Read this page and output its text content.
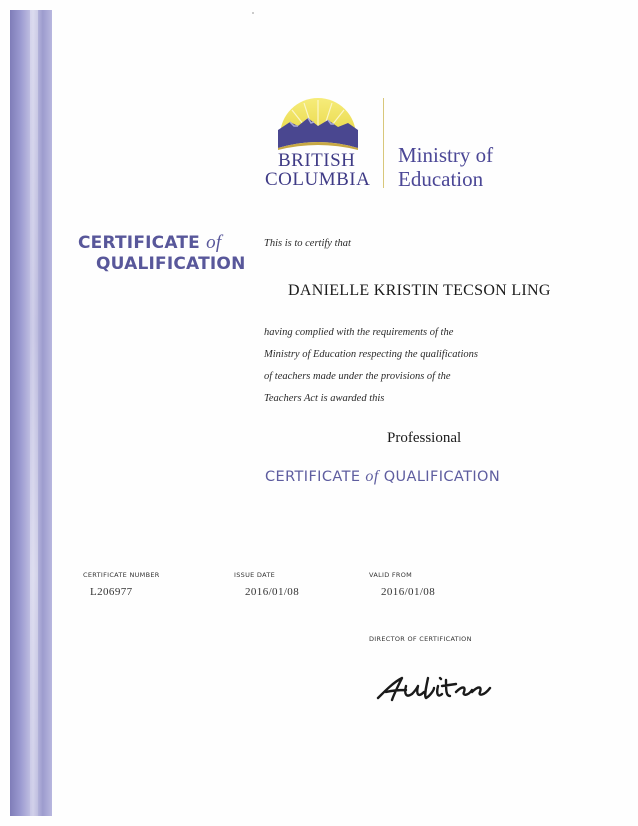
BRITISH
COLUMBIA
Ministry of
Education
CERTIFICATE of
QUALIFICATION
This is to certify that
DANIELLE KRISTIN TECSON LING
having complied with the requirements of the
Ministry of Education respecting the qualifications
of teachers made under the provisions of the
Teachers Act is awarded this
Professional
CERTIFICATE of QUALIFICATION
CERTIFICATE NUMBER
L206977
ISSUE DATE
2016/01/08
VALID FROM
2016/01/08
DIRECTOR OF CERTIFICATION
